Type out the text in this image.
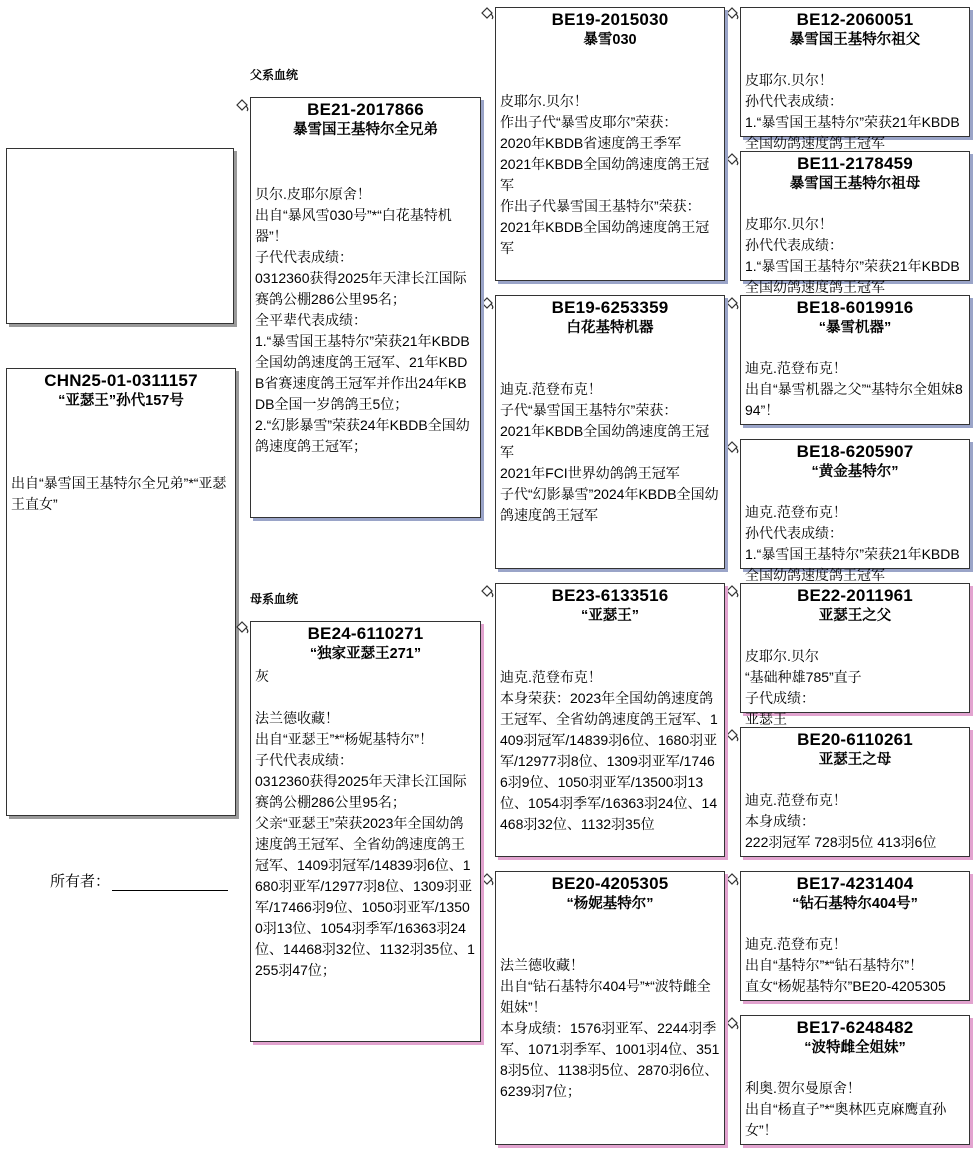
父系血统
母系血统
CHN25-01-0311157
“亚瑟王”孙代157号
出自“暴雪国王基特尔全兄弟”*“亚瑟王直女”
所有者：
BE21-2017866
暴雪国王基特尔全兄弟
贝尔.皮耶尔原舍！
出自“暴风雪030号”*“白花基特机器”！
子代代表成绩：
0312360获得2025年天津长江国际赛鸽公棚286公里95名；
全平辈代表成绩：
1.“暴雪国王基特尔”荣获21年KBDB全国幼鸽速度鸽王冠军、21年KBDB省赛速度鸽王冠军并作出24年KBDB全国一岁鸽鸽王5位；
2.“幻影暴雪”荣获24年KBDB全国幼鸽速度鸽王冠军；
BE24-6110271
“独家亚瑟王271”
灰
法兰德收藏！
出自“亚瑟王”*“杨妮基特尔”！
子代代表成绩：
0312360获得2025年天津长江国际赛鸽公棚286公里95名；
父亲“亚瑟王”荣获2023年全国幼鸽速度鸽王冠军、全省幼鸽速度鸽王冠军、1409羽冠军/14839羽6位、1680羽亚军/12977羽8位、1309羽亚军/17466羽9位、1050羽亚军/13500羽13位、1054羽季军/16363羽24位、14468羽32位、1132羽35位、1255羽47位；
BE19-2015030
暴雪030
皮耶尔.贝尔！
作出子代“暴雪皮耶尔”荣获：
2020年KBDB省速度鸽王季军
2021年KBDB全国幼鸽速度鸽王冠军
作出子代暴雪国王基特尔”荣获：
2021年KBDB全国幼鸽速度鸽王冠军
BE19-6253359
白花基特机器
迪克.范登布克！
子代“暴雪国王基特尔”荣获：
2021年KBDB全国幼鸽速度鸽王冠军
2021年FCI世界幼鸽鸽王冠军
子代“幻影暴雪”2024年KBDB全国幼鸽速度鸽王冠军
BE23-6133516
“亚瑟王”
迪克.范登布克！
本身荣获：2023年全国幼鸽速度鸽王冠军、全省幼鸽速度鸽王冠军、1409羽冠军/14839羽6位、1680羽亚军/12977羽8位、1309羽亚军/17466羽9位、1050羽亚军/13500羽13位、1054羽季军/16363羽24位、14468羽32位、1132羽35位
BE20-4205305
“杨妮基特尔”
法兰德收藏！
出自“钻石基特尔404号”*“波特雌全姐妹”！
本身成绩：1576羽亚军、2244羽季军、1071羽季军、1001羽4位、3518羽5位、1138羽5位、2870羽6位、6239羽7位；
BE12-2060051
暴雪国王基特尔祖父
皮耶尔.贝尔！
孙代代表成绩：
1.“暴雪国王基特尔”荣获21年KBDB全国幼鸽速度鸽王冠军
BE11-2178459
暴雪国王基特尔祖母
皮耶尔.贝尔！
孙代代表成绩：
1.“暴雪国王基特尔”荣获21年KBDB全国幼鸽速度鸽王冠军
BE18-6019916
“暴雪机器”
迪克.范登布克！
出自“暴雪机器之父”“基特尔全姐妹894”！
BE18-6205907
“黄金基特尔”
迪克.范登布克！
孙代代表成绩：
1.“暴雪国王基特尔”荣获21年KBDB全国幼鸽速度鸽王冠军
BE22-2011961
亚瑟王之父
皮耶尔.贝尔
“基础种雄785”直子
子代成绩：
亚瑟王
BE20-6110261
亚瑟王之母
迪克.范登布克！
本身成绩：
222羽冠军 728羽5位 413羽6位
BE17-4231404
“钻石基特尔404号”
迪克.范登布克！
出自“基特尔”*“钻石基特尔”！
直女“杨妮基特尔”BE20-4205305
BE17-6248482
“波特雌全姐妹”
利奥.贺尔曼原舍！
出自“杨直子”*“奥林匹克麻鹰直孙女”！
